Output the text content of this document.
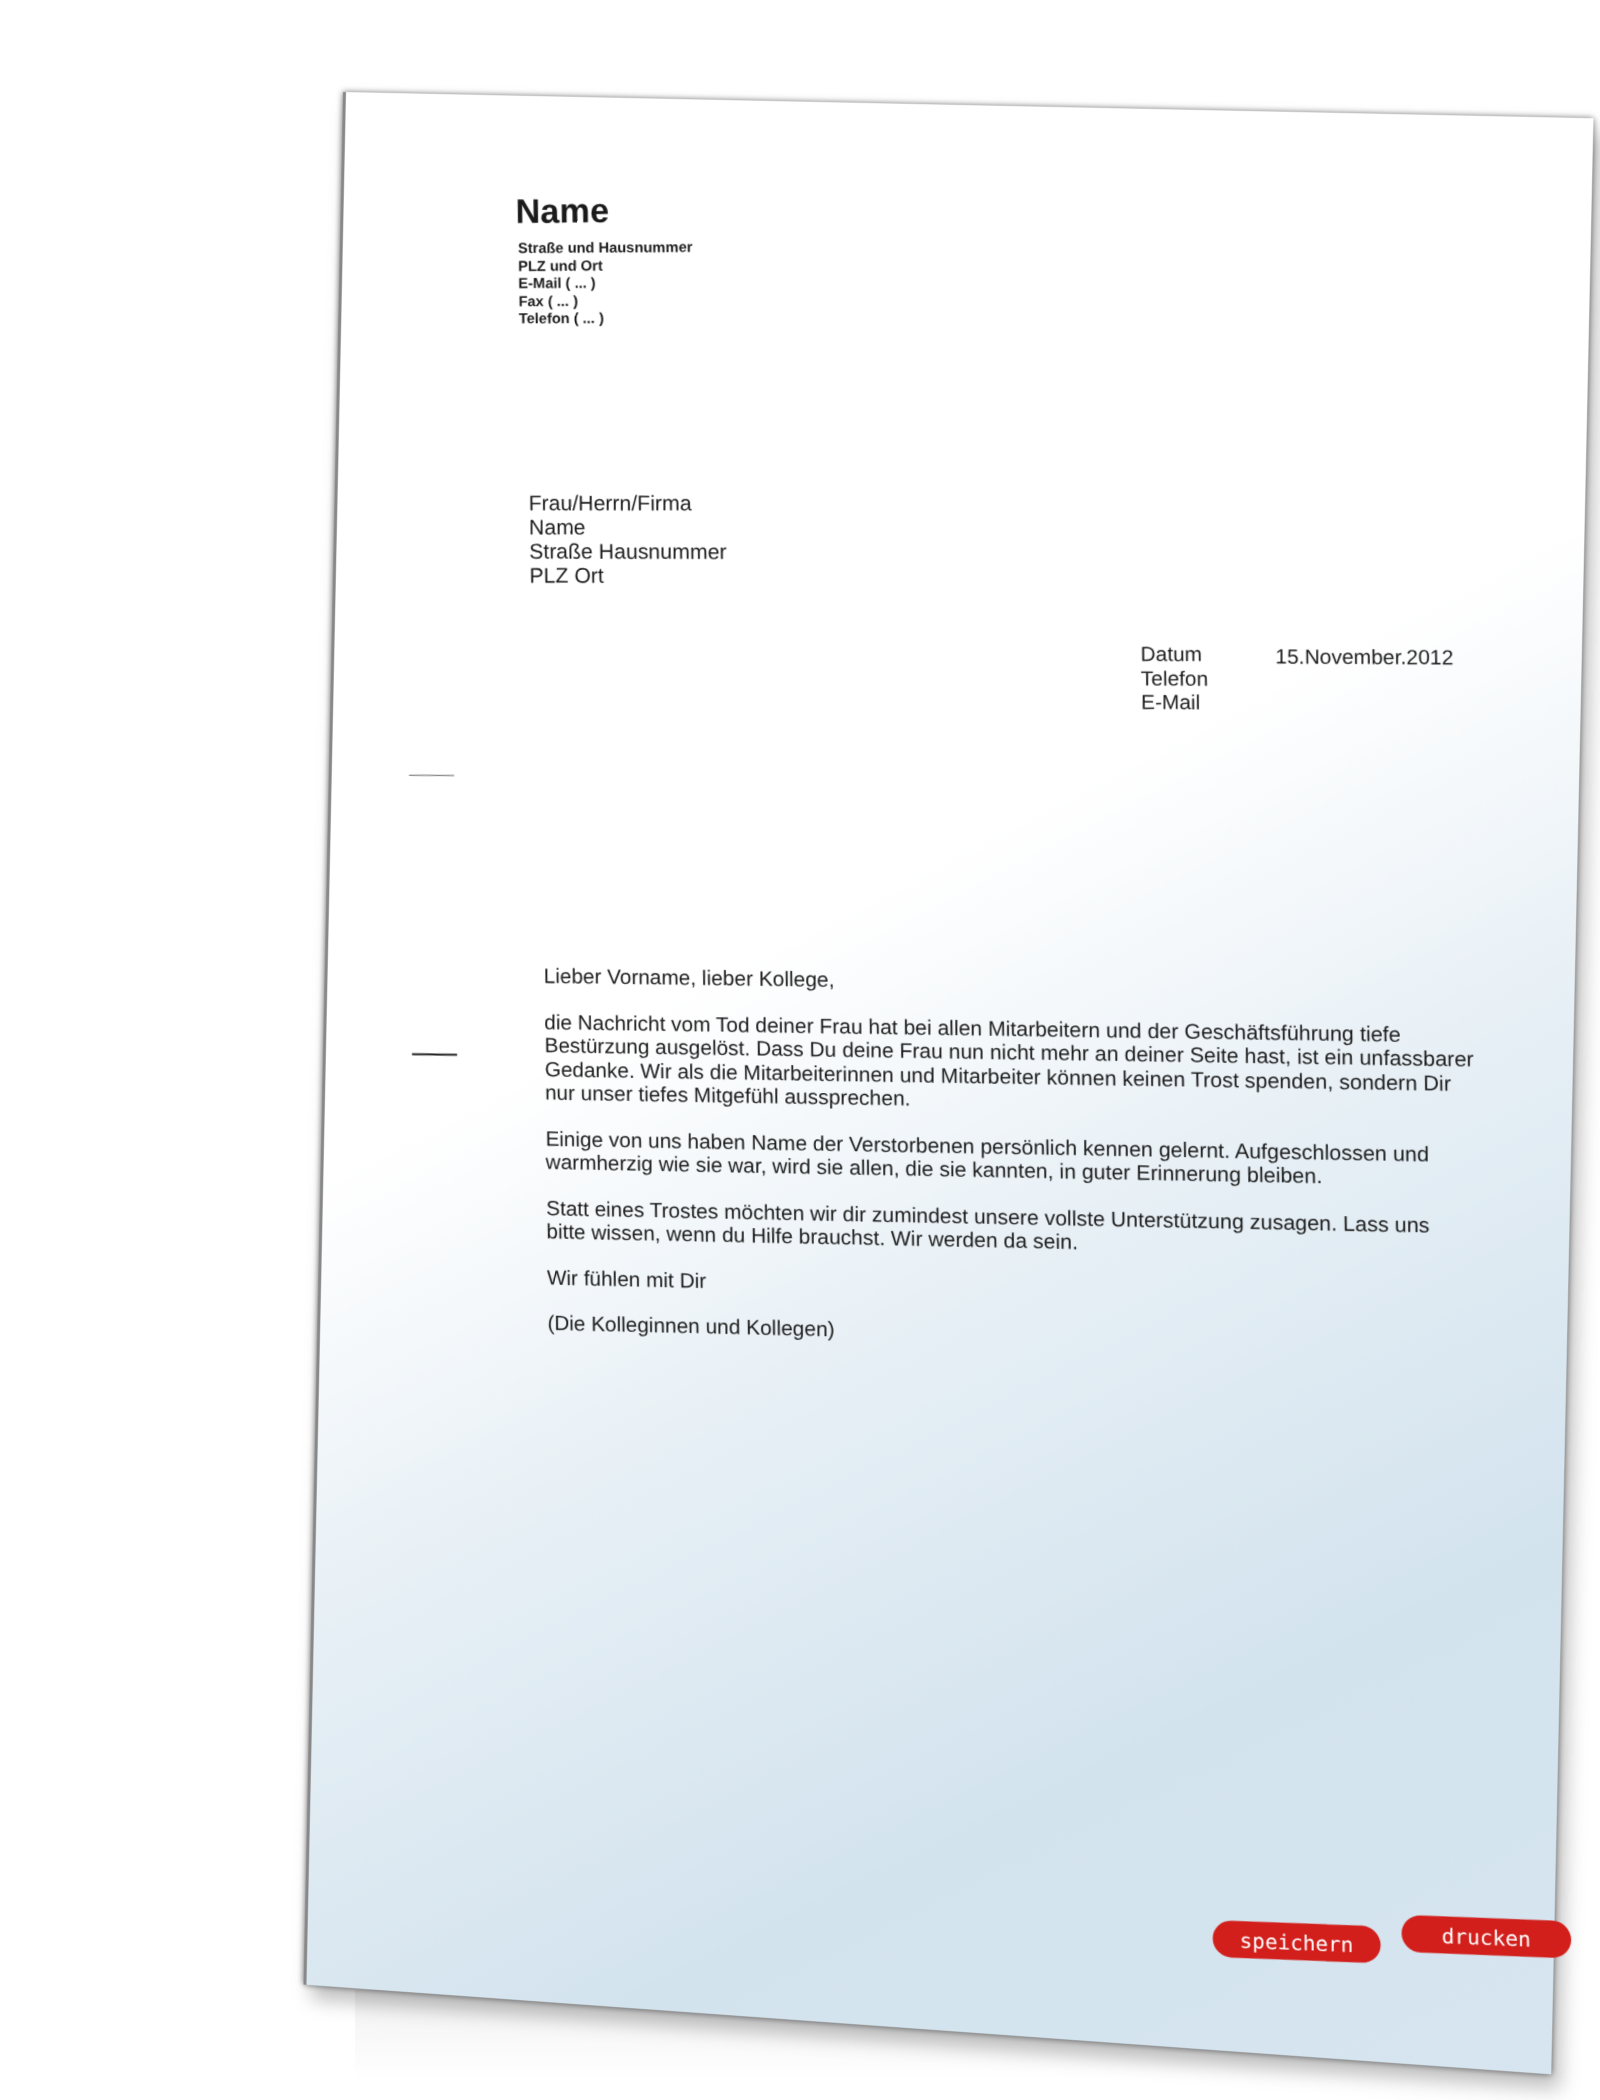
Name
Straße und Hausnummer
PLZ und Ort
E-Mail ( ... )
Fax ( ... )
Telefon ( ... )
Frau/Herrn/Firma
Name
Straße Hausnummer
PLZ Ort
Datum
Telefon
E-Mail
15.November.2012

Lieber Vorname, lieber Kollege,

die Nachricht vom Tod deiner Frau hat bei allen Mitarbeitern und der Geschäftsführung tiefe Bestürzung ausgelöst. Dass Du deine Frau nun nicht mehr an deiner Seite hast, ist ein unfassbarer Gedanke. Wir als die Mitarbeiterinnen und Mitarbeiter können keinen Trost spenden, sondern Dir nur unser tiefes Mitgefühl aussprechen.

Einige von uns haben Name der Verstorbenen persönlich kennen gelernt. Aufgeschlossen und warmherzig wie sie war, wird sie allen, die sie kannten, in guter Erinnerung bleiben.

Statt eines Trostes möchten wir dir zumindest unsere vollste Unterstützung zusagen. Lass uns bitte wissen, wenn du Hilfe brauchst. Wir werden da sein.

Wir fühlen mit Dir

(Die Kolleginnen und Kollegen)

speichern	drucken
